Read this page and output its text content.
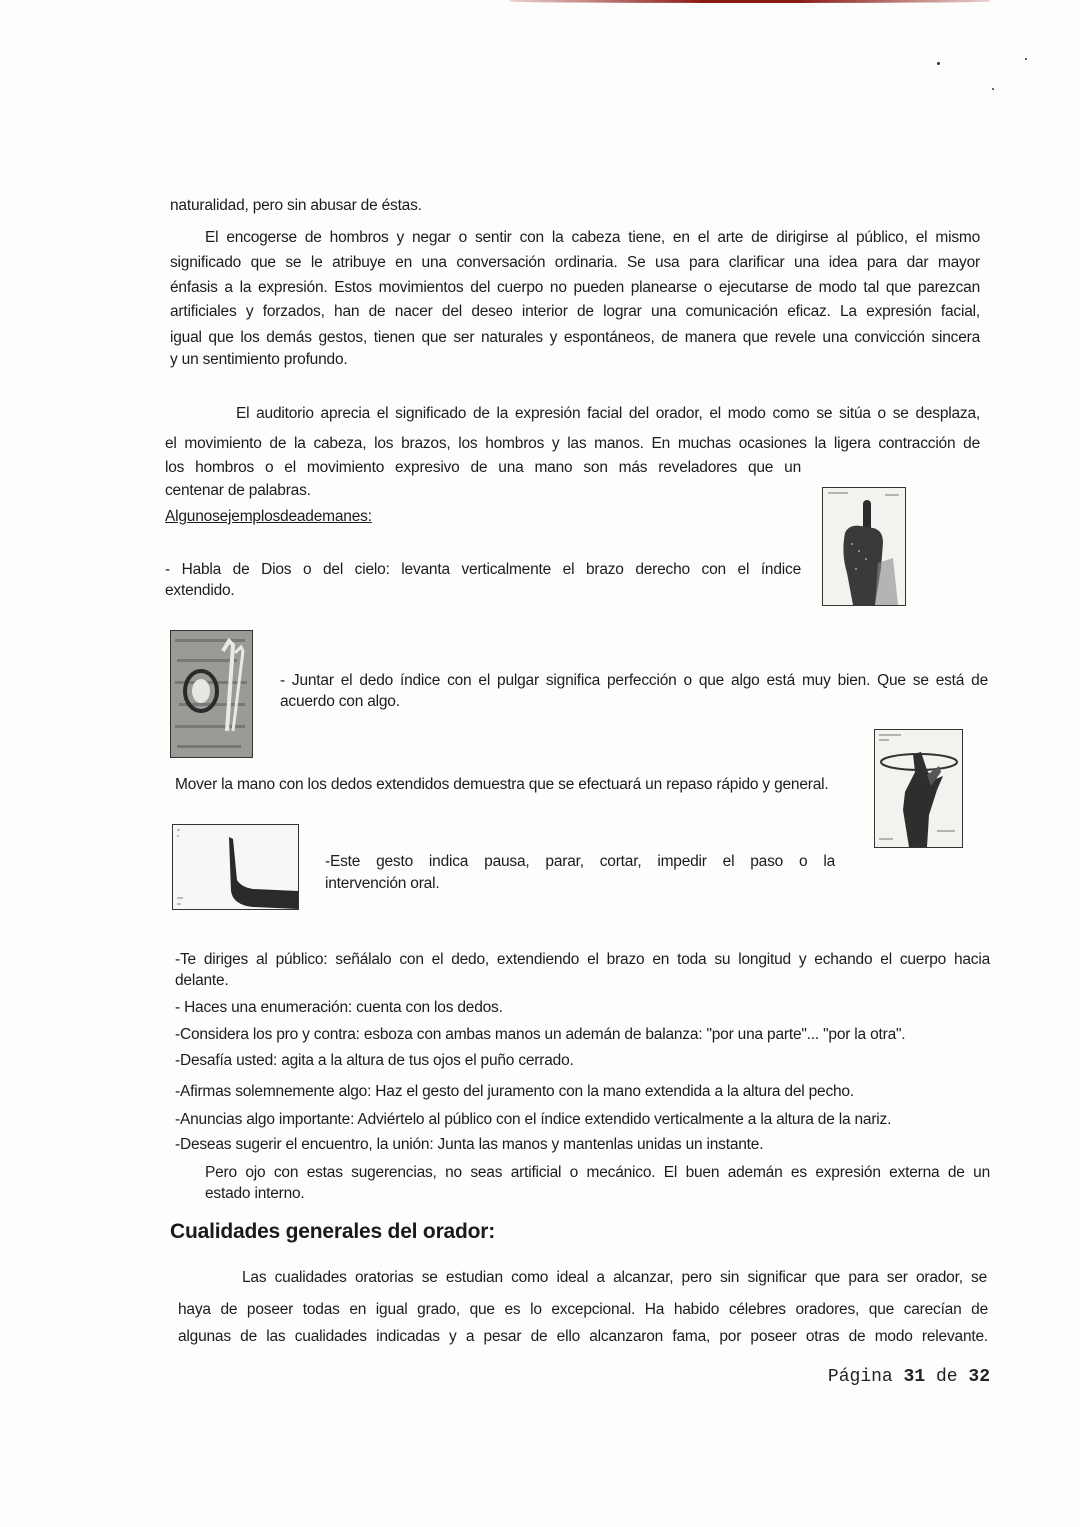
naturalidad, pero sin abusar de éstas.
El encogerse de hombros y negar o sentir con la cabeza tiene, en el arte de dirigirse al público, el mismo
significado que se le atribuye en una conversación ordinaria. Se usa para clarificar una idea para dar mayor
énfasis a la expresión. Estos movimientos del cuerpo no pueden planearse o ejecutarse de modo tal que parezcan
artificiales y forzados, han de nacer del deseo interior de lograr una comunicación eficaz. La expresión facial,
igual que los demás gestos, tienen que ser naturales y espontáneos, de manera que revele una convicción sincera
y un sentimiento profundo.
El auditorio aprecia el significado de la expresión facial del orador, el modo como se sitúa o se desplaza,
el movimiento de la cabeza, los brazos, los hombros y las manos. En muchas ocasiones la ligera contracción de
los hombros o el movimiento expresivo de una mano son más reveladores que un
centenar de palabras.
Algunosejemplosdeademanes:
- Habla de Dios o del cielo: levanta verticalmente el brazo derecho con el índice
extendido.
- Juntar el dedo índice con el pulgar significa perfección o que algo está muy bien. Que se está de
acuerdo con algo.
Mover la mano con los dedos extendidos demuestra que se efectuará un repaso rápido y general.
-Este gesto indica pausa, parar, cortar, impedir el paso o la
intervención oral.
-Te diriges al público: señálalo con el dedo, extendiendo el brazo en toda su longitud y echando el cuerpo hacia
delante.
- Haces una enumeración: cuenta con los dedos.
-Considera los pro y contra: esboza con ambas manos un ademán de balanza: "por una parte"... "por la otra".
-Desafía usted: agita a la altura de tus ojos el puño cerrado.
-Afirmas solemnemente algo: Haz el gesto del juramento con la mano extendida a la altura del pecho.
-Anuncias algo importante: Adviértelo al público con el índice extendido verticalmente a la altura de la nariz.
-Deseas sugerir el encuentro, la unión: Junta las manos y mantenlas unidas un instante.
Pero ojo con estas sugerencias, no seas artificial o mecánico. El buen ademán es expresión externa de un
estado interno.
Cualidades generales del orador:
Las cualidades oratorias se estudian como ideal a alcanzar, pero sin significar que para ser orador, se
haya de poseer todas en igual grado, que es lo excepcional. Ha habido célebres oradores, que carecían de
algunas de las cualidades indicadas y a pesar de ello alcanzaron fama, por poseer otras de modo relevante.
Página 31 de 32
